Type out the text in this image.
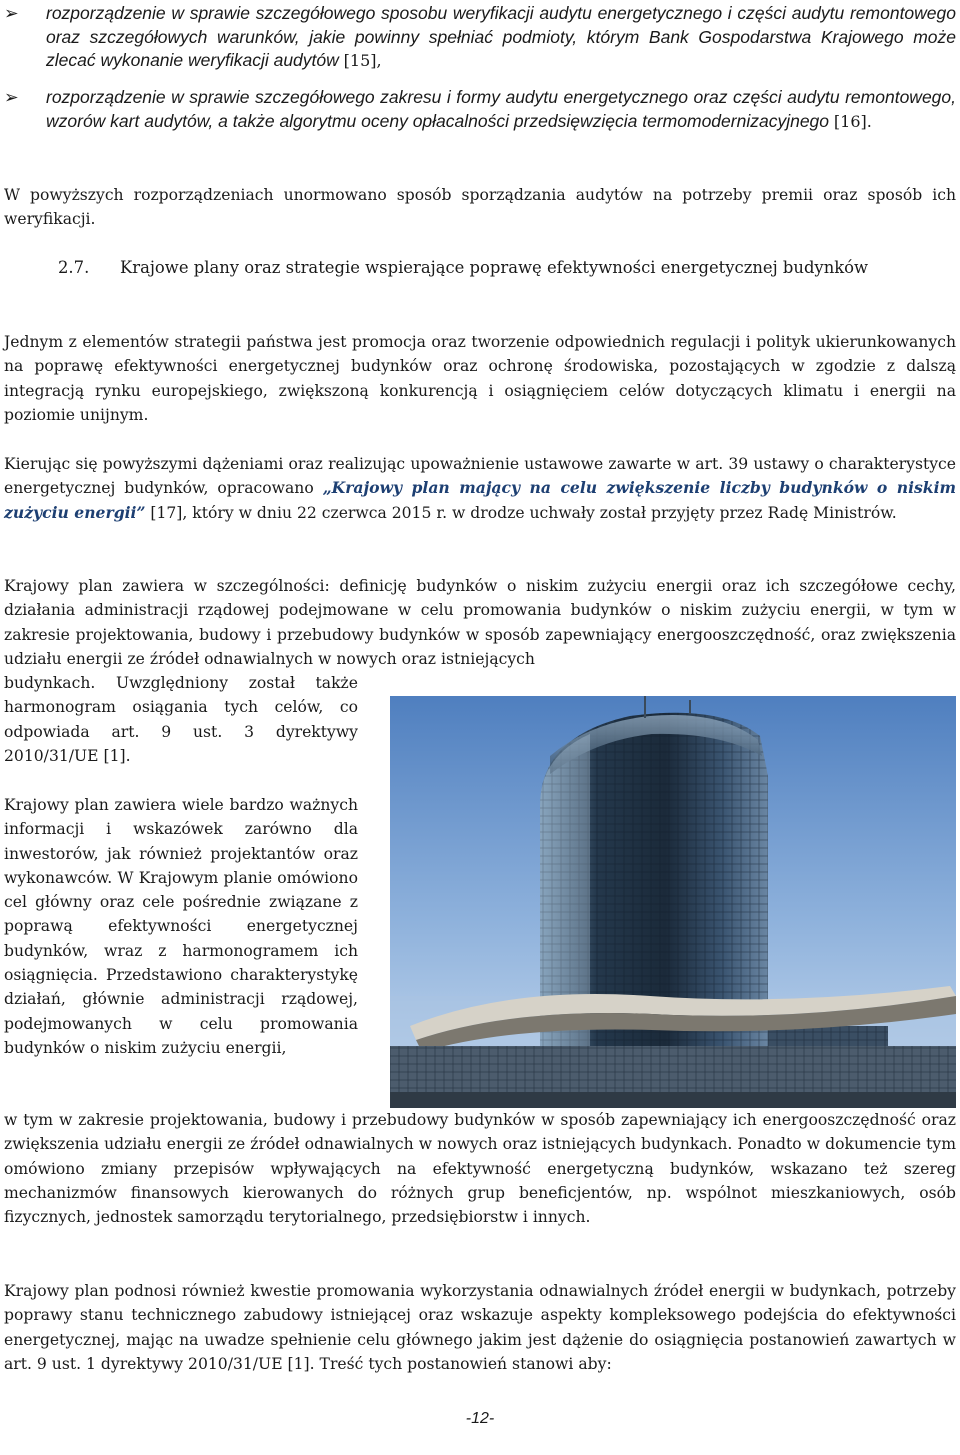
➢	rozporządzenie w sprawie szczegółowego sposobu weryfikacji audytu energetycznego i części audytu remontowego oraz szczegółowych warunków, jakie powinny spełniać podmioty, którym Bank Gospodarstwa Krajowego może zlecać wykonanie weryfikacji audytów [15],
➢	rozporządzenie w sprawie szczegółowego zakresu i formy audytu energetycznego oraz części audytu remontowego, wzorów kart audytów, a także algorytmu oceny opłacalności przedsięwzięcia termomodernizacyjnego [16].

W powyższych rozporządzeniach unormowano sposób sporządzania audytów na potrzeby premii oraz sposób ich weryfikacji.

2.7. Krajowe plany oraz strategie wspierające poprawę efektywności energetycznej budynków

Jednym z elementów strategii państwa jest promocja oraz tworzenie odpowiednich regulacji i polityk ukierunkowanych na poprawę efektywności energetycznej budynków oraz ochronę środowiska, pozostających w zgodzie z dalszą integracją rynku europejskiego, zwiększoną konkurencją i osiągnięciem celów dotyczących klimatu i energii na poziomie unijnym.

Kierując się powyższymi dążeniami oraz realizując upoważnienie ustawowe zawarte w art. 39 ustawy o charakterystyce energetycznej budynków, opracowano „Krajowy plan mający na celu zwiększenie liczby budynków o niskim zużyciu energii” [17], który w dniu 22 czerwca 2015 r. w drodze uchwały został przyjęty przez Radę Ministrów.

Krajowy plan zawiera w szczególności: definicję budynków o niskim zużyciu energii oraz ich szczegółowe cechy, działania administracji rządowej podejmowane w celu promowania budynków o niskim zużyciu energii, w tym w zakresie projektowania, budowy i przebudowy budynków w sposób zapewniający energooszczędność, oraz zwiększenia udziału energii ze źródeł odnawialnych w nowych oraz istniejących

budynkach. Uwzględniony został także harmonogram osiągania tych celów, co odpowiada art. 9 ust. 3 dyrektywy 2010/31/UE [1].

Krajowy plan zawiera wiele bardzo ważnych informacji i wskazówek zarówno dla inwestorów, jak również projektantów oraz wykonawców. W Krajowym planie omówiono cel główny oraz cele pośrednie związane z poprawą efektywności energetycznej budynków, wraz z harmonogramem ich osiągnięcia. Przedstawiono charakterystykę działań, głównie administracji rządowej, podejmowanych w celu promowania budynków o niskim zużyciu energii,

w tym w zakresie projektowania, budowy i przebudowy budynków w sposób zapewniający ich energooszczędność oraz zwiększenia udziału energii ze źródeł odnawialnych w nowych oraz istniejących budynkach. Ponadto w dokumencie tym omówiono zmiany przepisów wpływających na efektywność energetyczną budynków, wskazano też szereg mechanizmów finansowych kierowanych do różnych grup beneficjentów, np. wspólnot mieszkaniowych, osób fizycznych, jednostek samorządu terytorialnego, przedsiębiorstw i innych.

Krajowy plan podnosi również kwestie promowania wykorzystania odnawialnych źródeł energii w budynkach, potrzeby poprawy stanu technicznego zabudowy istniejącej oraz wskazuje aspekty kompleksowego podejścia do efektywności energetycznej, mając na uwadze spełnienie celu głównego jakim jest dążenie do osiągnięcia postanowień zawartych w art. 9 ust. 1 dyrektywy 2010/31/UE [1]. Treść tych postanowień stanowi aby:

-12-
